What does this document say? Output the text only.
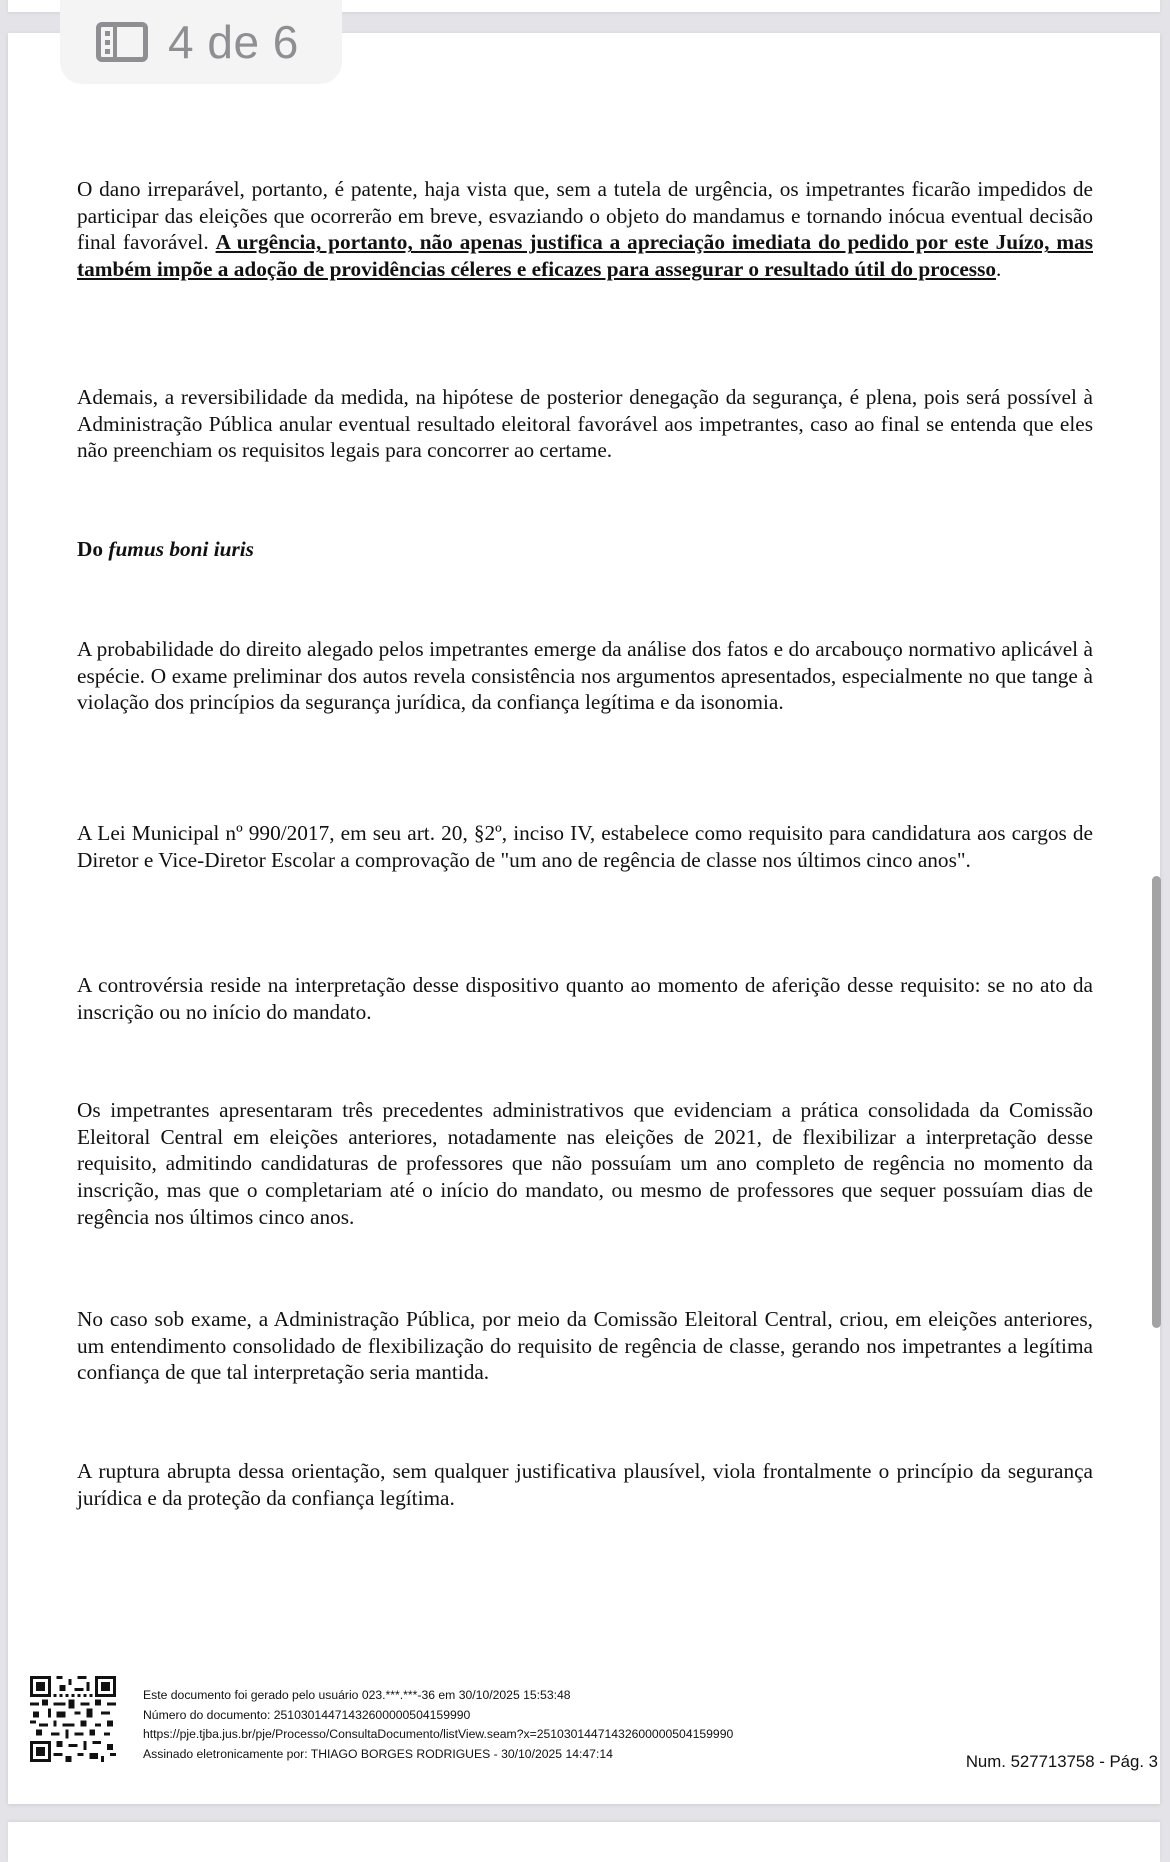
4 de 6

O dano irreparável, portanto, é patente, haja vista que, sem a tutela de urgência, os impetrantes ficarão impedidos de participar das eleições que ocorrerão em breve, esvaziando o objeto do mandamus e tornando inócua eventual decisão final favorável. A urgência, portanto, não apenas justifica a apreciação imediata do pedido por este Juízo, mas também impõe a adoção de providências céleres e eficazes para assegurar o resultado útil do processo.

Ademais, a reversibilidade da medida, na hipótese de posterior denegação da segurança, é plena, pois será possível à Administração Pública anular eventual resultado eleitoral favorável aos impetrantes, caso ao final se entenda que eles não preenchiam os requisitos legais para concorrer ao certame.

Do fumus boni iuris

A probabilidade do direito alegado pelos impetrantes emerge da análise dos fatos e do arcabouço normativo aplicável à espécie. O exame preliminar dos autos revela consistência nos argumentos apresentados, especialmente no que tange à violação dos princípios da segurança jurídica, da confiança legítima e da isonomia.

A Lei Municipal nº 990/2017, em seu art. 20, §2º, inciso IV, estabelece como requisito para candidatura aos cargos de Diretor e Vice-Diretor Escolar a comprovação de "um ano de regência de classe nos últimos cinco anos".

A controvérsia reside na interpretação desse dispositivo quanto ao momento de aferição desse requisito: se no ato da inscrição ou no início do mandato.

Os impetrantes apresentaram três precedentes administrativos que evidenciam a prática consolidada da Comissão Eleitoral Central em eleições anteriores, notadamente nas eleições de 2021, de flexibilizar a interpretação desse requisito, admitindo candidaturas de professores que não possuíam um ano completo de regência no momento da inscrição, mas que o completariam até o início do mandato, ou mesmo de professores que sequer possuíam dias de regência nos últimos cinco anos.

No caso sob exame, a Administração Pública, por meio da Comissão Eleitoral Central, criou, em eleições anteriores, um entendimento consolidado de flexibilização do requisito de regência de classe, gerando nos impetrantes a legítima confiança de que tal interpretação seria mantida.

A ruptura abrupta dessa orientação, sem qualquer justificativa plausível, viola frontalmente o princípio da segurança jurídica e da proteção da confiança legítima.

Este documento foi gerado pelo usuário 023.***.***-36 em 30/10/2025 15:53:48
Número do documento: 25103014471432600000504159990
https://pje.tjba.jus.br/pje/Processo/ConsultaDocumento/listView.seam?x=25103014471432600000504159990
Assinado eletronicamente por: THIAGO BORGES RODRIGUES - 30/10/2025 14:47:14	Num. 527713758 - Pág. 3
